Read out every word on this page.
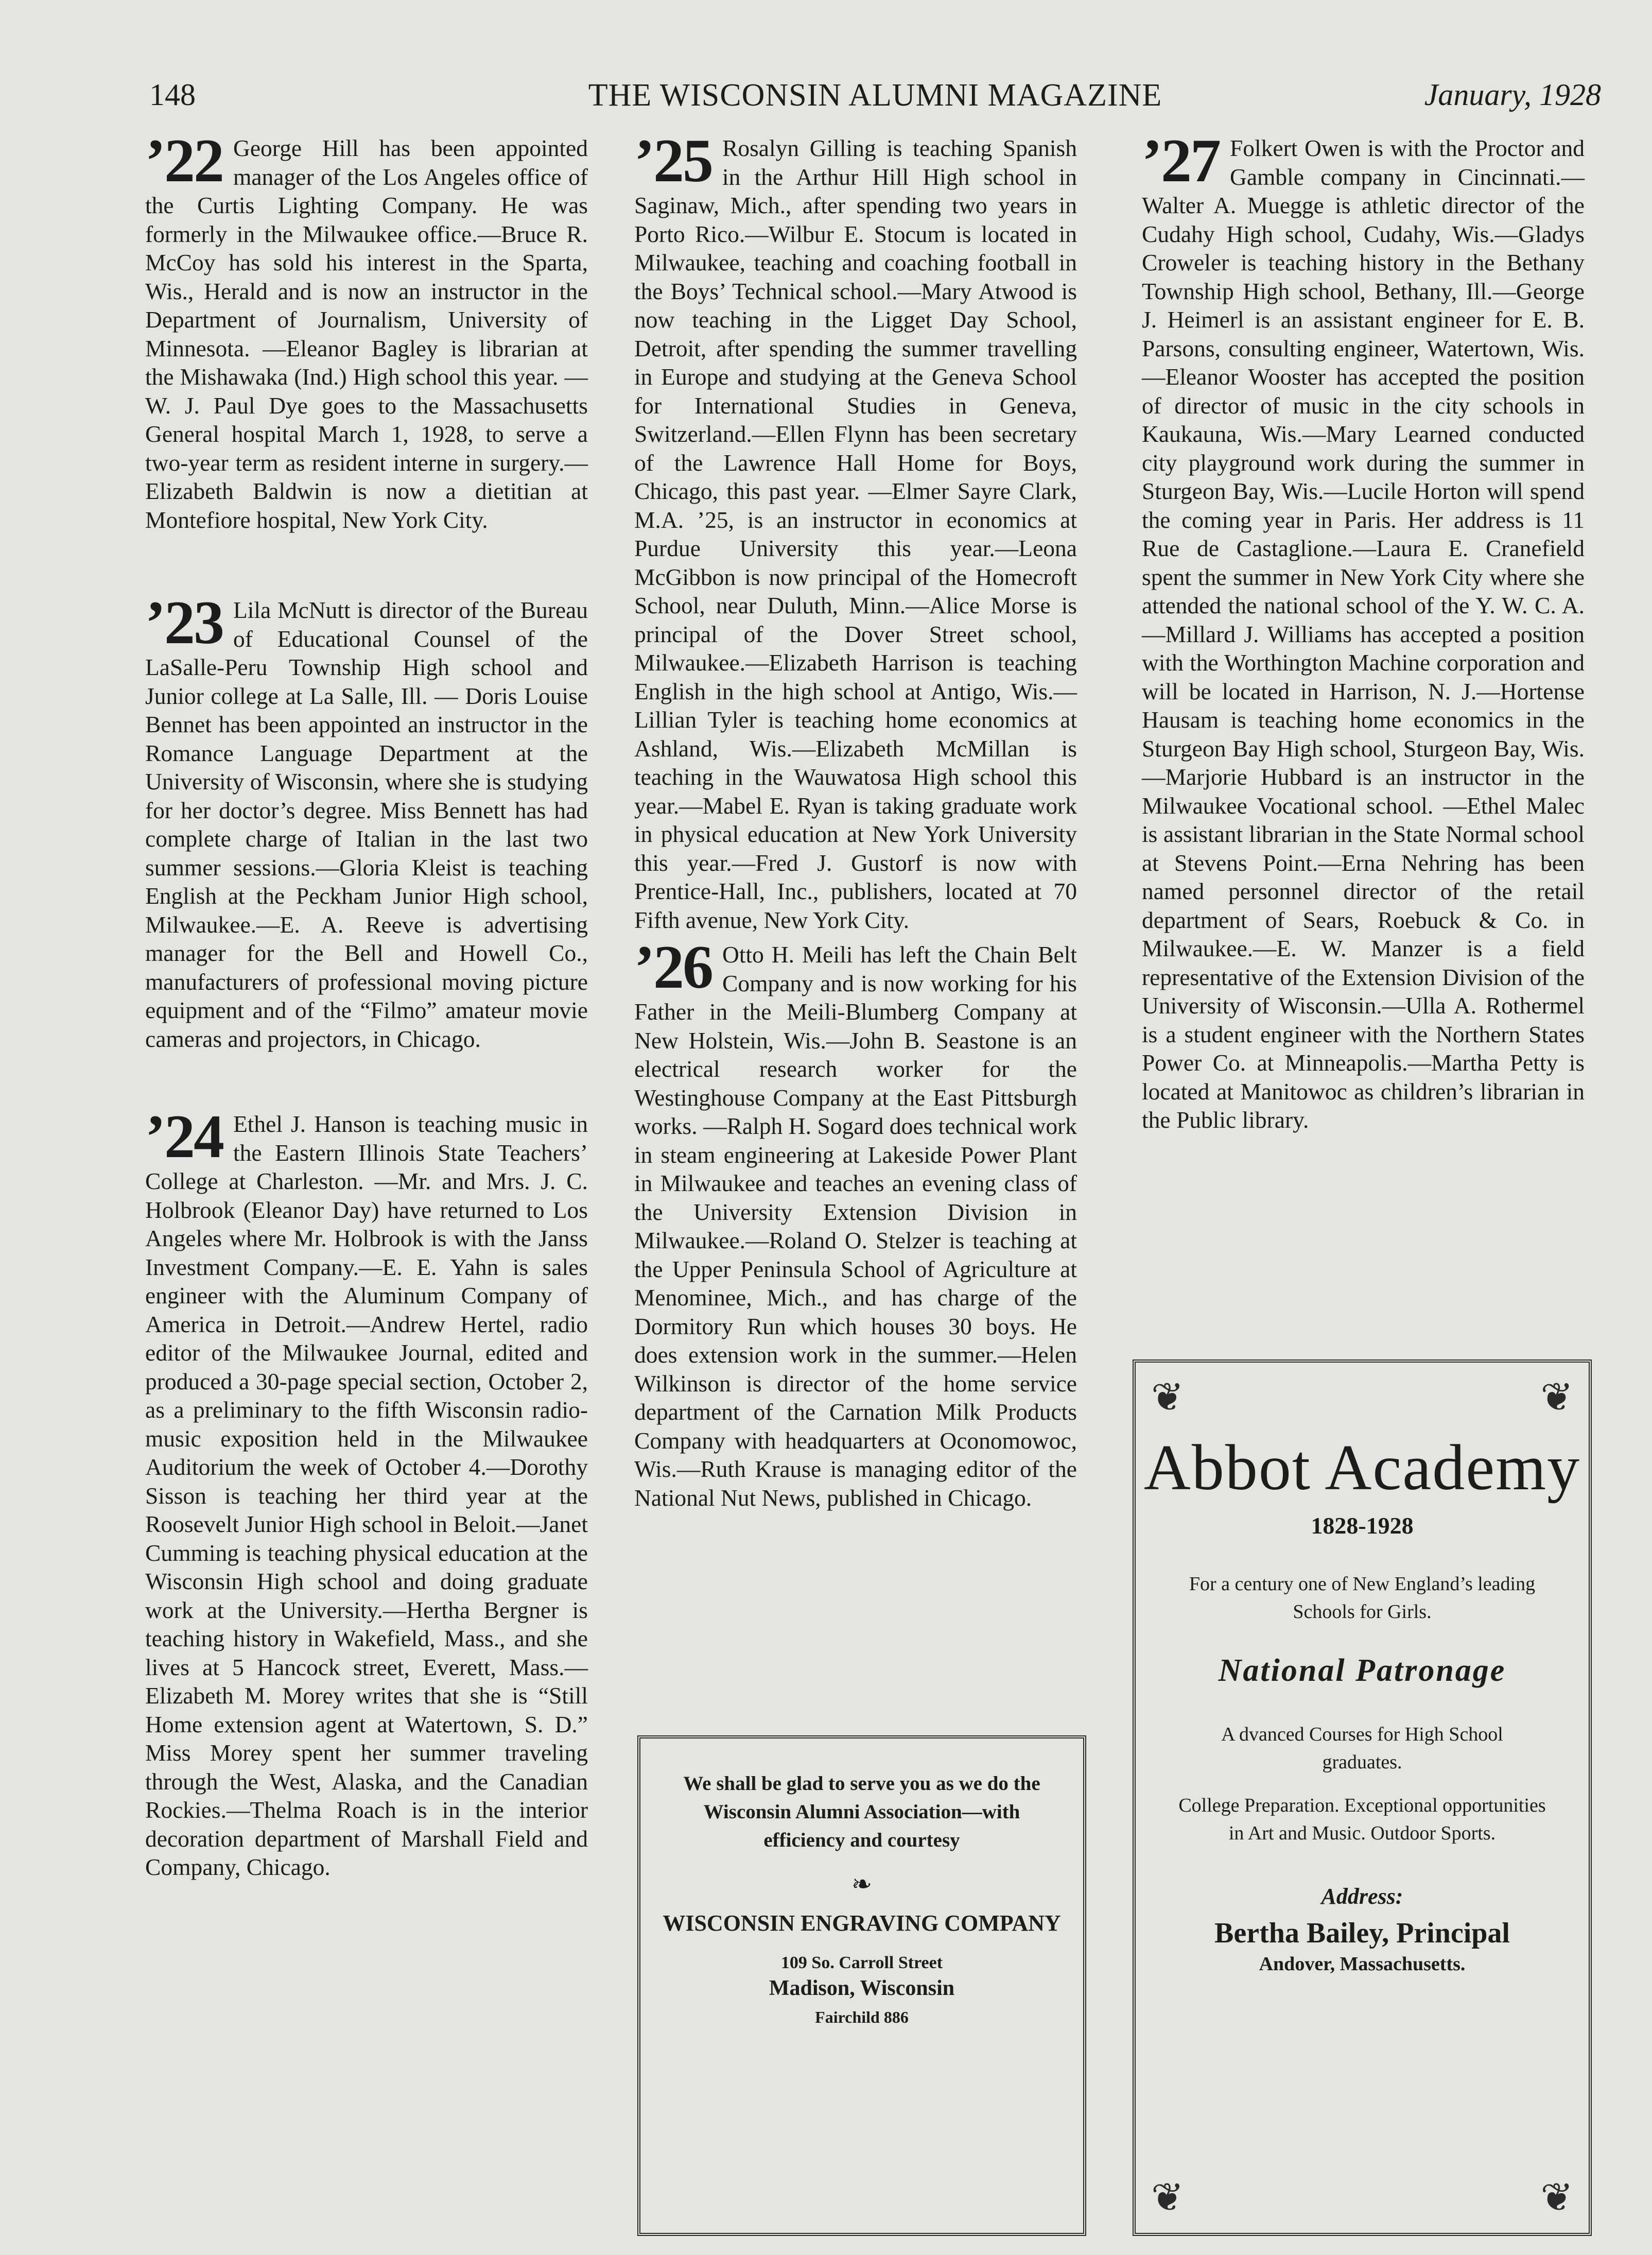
148	THE WISCONSIN ALUMNI MAGAZINE	January, 1928
’22 George Hill has been appointed manager of the Los Angeles office of the Curtis Lighting Company. He was formerly in the Milwaukee office.—Bruce R. McCoy has sold his interest in the Sparta, Wis., Herald and is now an instructor in the Department of Journalism, University of Minnesota. —Eleanor Bagley is librarian at the Mishawaka (Ind.) High school this year. —W. J. Paul Dye goes to the Massachusetts General hospital March 1, 1928, to serve a two-year term as resident interne in surgery.—Elizabeth Baldwin is now a dietitian at Montefiore hospital, New York City.

’23 Lila McNutt is director of the Bureau of Educational Counsel of the LaSalle-Peru Township High school and Junior college at La Salle, Ill. — Doris Louise Bennet has been appointed an instructor in the Romance Language Department at the University of Wisconsin, where she is studying for her doctor’s degree. Miss Bennett has had complete charge of Italian in the last two summer sessions.—Gloria Kleist is teaching English at the Peckham Junior High school, Milwaukee.—E. A. Reeve is advertising manager for the Bell and Howell Co., manufacturers of professional moving picture equipment and of the “Filmo” amateur movie cameras and projectors, in Chicago.

’24 Ethel J. Hanson is teaching music in the Eastern Illinois State Teachers’ College at Charleston. —Mr. and Mrs. J. C. Holbrook (Eleanor Day) have returned to Los Angeles where Mr. Holbrook is with the Janss Investment Company.—E. E. Yahn is sales engineer with the Aluminum Company of America in Detroit.—Andrew Hertel, radio editor of the Milwaukee Journal, edited and produced a 30-page special section, October 2, as a preliminary to the fifth Wisconsin radio-music exposition held in the Milwaukee Auditorium the week of October 4.—Dorothy Sisson is teaching her third year at the Roosevelt Junior High school in Beloit.—Janet Cumming is teaching physical education at the Wisconsin High school and doing graduate work at the University.—Hertha Bergner is teaching history in Wakefield, Mass., and she lives at 5 Hancock street, Everett, Mass.—Elizabeth M. Morey writes that she is “Still Home extension agent at Watertown, S. D.” Miss Morey spent her summer traveling through the West, Alaska, and the Canadian Rockies.—Thelma Roach is in the interior decoration department of Marshall Field and Company, Chicago.

’25 Rosalyn Gilling is teaching Spanish in the Arthur Hill High school in Saginaw, Mich., after spending two years in Porto Rico.—Wilbur E. Stocum is located in Milwaukee, teaching and coaching football in the Boys’ Technical school.—Mary Atwood is now teaching in the Ligget Day School, Detroit, after spending the summer travelling in Europe and studying at the Geneva School for International Studies in Geneva, Switzerland.—Ellen Flynn has been secretary of the Lawrence Hall Home for Boys, Chicago, this past year. —Elmer Sayre Clark, M.A. ’25, is an instructor in economics at Purdue University this year.—Leona McGibbon is now principal of the Homecroft School, near Duluth, Minn.—Alice Morse is principal of the Dover Street school, Milwaukee.—Elizabeth Harrison is teaching English in the high school at Antigo, Wis.—Lillian Tyler is teaching home economics at Ashland, Wis.—Elizabeth McMillan is teaching in the Wauwatosa High school this year.—Mabel E. Ryan is taking graduate work in physical education at New York University this year.—Fred J. Gustorf is now with Prentice-Hall, Inc., publishers, located at 70 Fifth avenue, New York City.

’26 Otto H. Meili has left the Chain Belt Company and is now working for his Father in the Meili-Blumberg Company at New Holstein, Wis.—John B. Seastone is an electrical research worker for the Westinghouse Company at the East Pittsburgh works. —Ralph H. Sogard does technical work in steam engineering at Lakeside Power Plant in Milwaukee and teaches an evening class of the University Extension Division in Milwaukee.—Roland O. Stelzer is teaching at the Upper Peninsula School of Agriculture at Menominee, Mich., and has charge of the Dormitory Run which houses 30 boys. He does extension work in the summer.—Helen Wilkinson is director of the home service department of the Carnation Milk Products Company with headquarters at Oconomowoc, Wis.—Ruth Krause is managing editor of the National Nut News, published in Chicago.

’27 Folkert Owen is with the Proctor and Gamble company in Cincinnati.—Walter A. Muegge is athletic director of the Cudahy High school, Cudahy, Wis.—Gladys Croweler is teaching history in the Bethany Township High school, Bethany, Ill.—George J. Heimerl is an assistant engineer for E. B. Parsons, consulting engineer, Watertown, Wis.—Eleanor Wooster has accepted the position of director of music in the city schools in Kaukauna, Wis.—Mary Learned conducted city playground work during the summer in Sturgeon Bay, Wis.—Lucile Horton will spend the coming year in Paris. Her address is 11 Rue de Castaglione.—Laura E. Cranefield spent the summer in New York City where she attended the national school of the Y. W. C. A.—Millard J. Williams has accepted a position with the Worthington Machine corporation and will be located in Harrison, N. J.—Hortense Hausam is teaching home economics in the Sturgeon Bay High school, Sturgeon Bay, Wis.—Marjorie Hubbard is an instructor in the Milwaukee Vocational school. —Ethel Malec is assistant librarian in the State Normal school at Stevens Point.—Erna Nehring has been named personnel director of the retail department of Sears, Roebuck & Co. in Milwaukee.—E. W. Manzer is a field representative of the Extension Division of the University of Wisconsin.—Ulla A. Rothermel is a student engineer with the Northern States Power Co. at Minneapolis.—Martha Petty is located at Manitowoc as children’s librarian in the Public library.

We shall be glad to serve you as we do the Wisconsin Alumni Association—with efficiency and courtesy
❧
WISCONSIN ENGRAVING COMPANY
109 So. Carroll Street
Madison, Wisconsin
Fairchild 886
❦	❦
❦	❦
Abbot Academy
1828-1928
For a century one of New England’s leading Schools for Girls.
National Patronage
A dvanced Courses for High School graduates.
College Preparation. Exceptional opportunities in Art and Music. Outdoor Sports.
Address:
Bertha Bailey, Principal
Andover, Massachusetts.
